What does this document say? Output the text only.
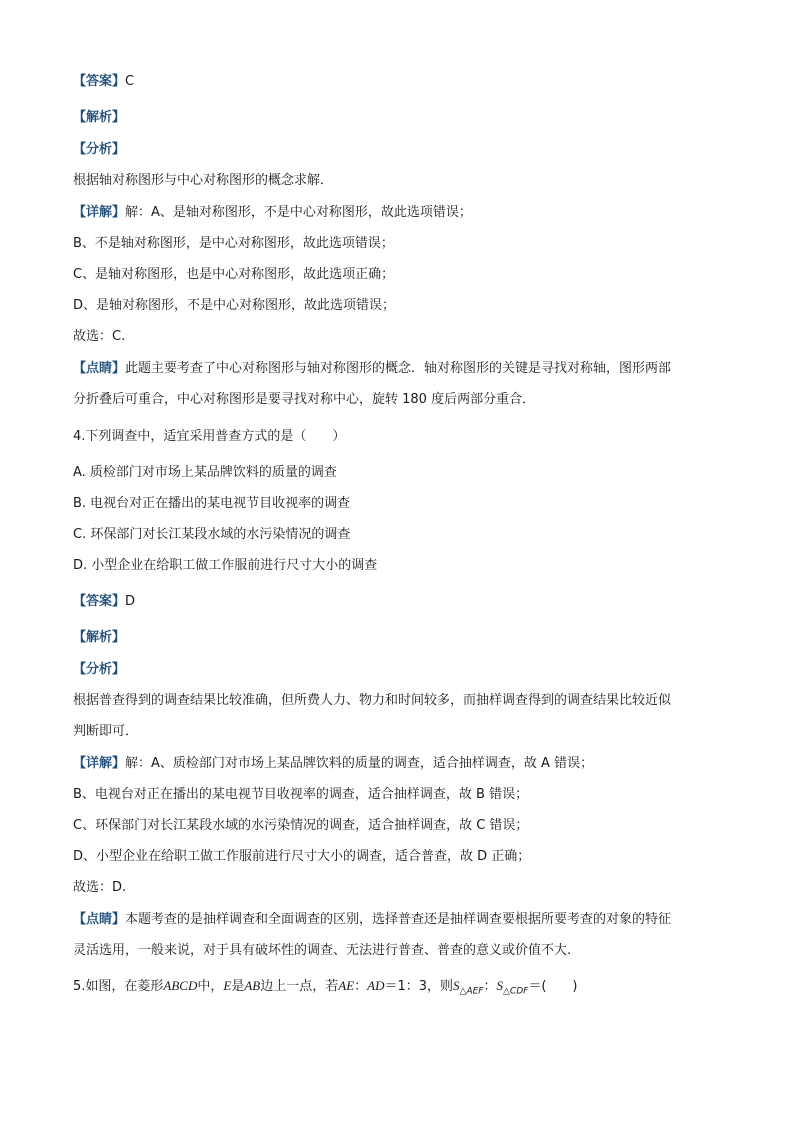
【答案】C
【解析】
【分析】
根据轴对称图形与中心对称图形的概念求解．
【详解】解：A、是轴对称图形，不是中心对称图形，故此选项错误；
B、不是轴对称图形，是中心对称图形，故此选项错误；
C、是轴对称图形，也是中心对称图形，故此选项正确；
D、是轴对称图形，不是中心对称图形，故此选项错误；
故选：C.
【点睛】此题主要考查了中心对称图形与轴对称图形的概念．轴对称图形的关键是寻找对称轴，图形两部
分折叠后可重合，中心对称图形是要寻找对称中心，旋转 180 度后两部分重合．
4.下列调查中，适宜采用普查方式的是（　　）
A. 质检部门对市场上某品牌饮料的质量的调查
B. 电视台对正在播出的某电视节目收视率的调查
C. 环保部门对长江某段水域的水污染情况的调查
D. 小型企业在给职工做工作服前进行尺寸大小的调查
【答案】D
【解析】
【分析】
根据普查得到的调查结果比较准确，但所费人力、物力和时间较多，而抽样调查得到的调查结果比较近似
判断即可．
【详解】解：A、质检部门对市场上某品牌饮料的质量的调查，适合抽样调查，故 A 错误；
B、电视台对正在播出的某电视节目收视率的调查，适合抽样调查，故 B 错误；
C、环保部门对长江某段水域的水污染情况的调查，适合抽样调查，故 C 错误；
D、小型企业在给职工做工作服前进行尺寸大小的调查，适合普查，故 D 正确；
故选：D.
【点睛】本题考查的是抽样调查和全面调查的区别，选择普查还是抽样调查要根据所要考查的对象的特征
灵活选用，一般来说，对于具有破坏性的调查、无法进行普查、普查的意义或价值不大.
5.如图，在菱形ABCD中，E是AB边上一点，若AE：AD＝1：3，则$S_{\triangle AEF}$：$S_{\triangle CDF}=$(　　)
